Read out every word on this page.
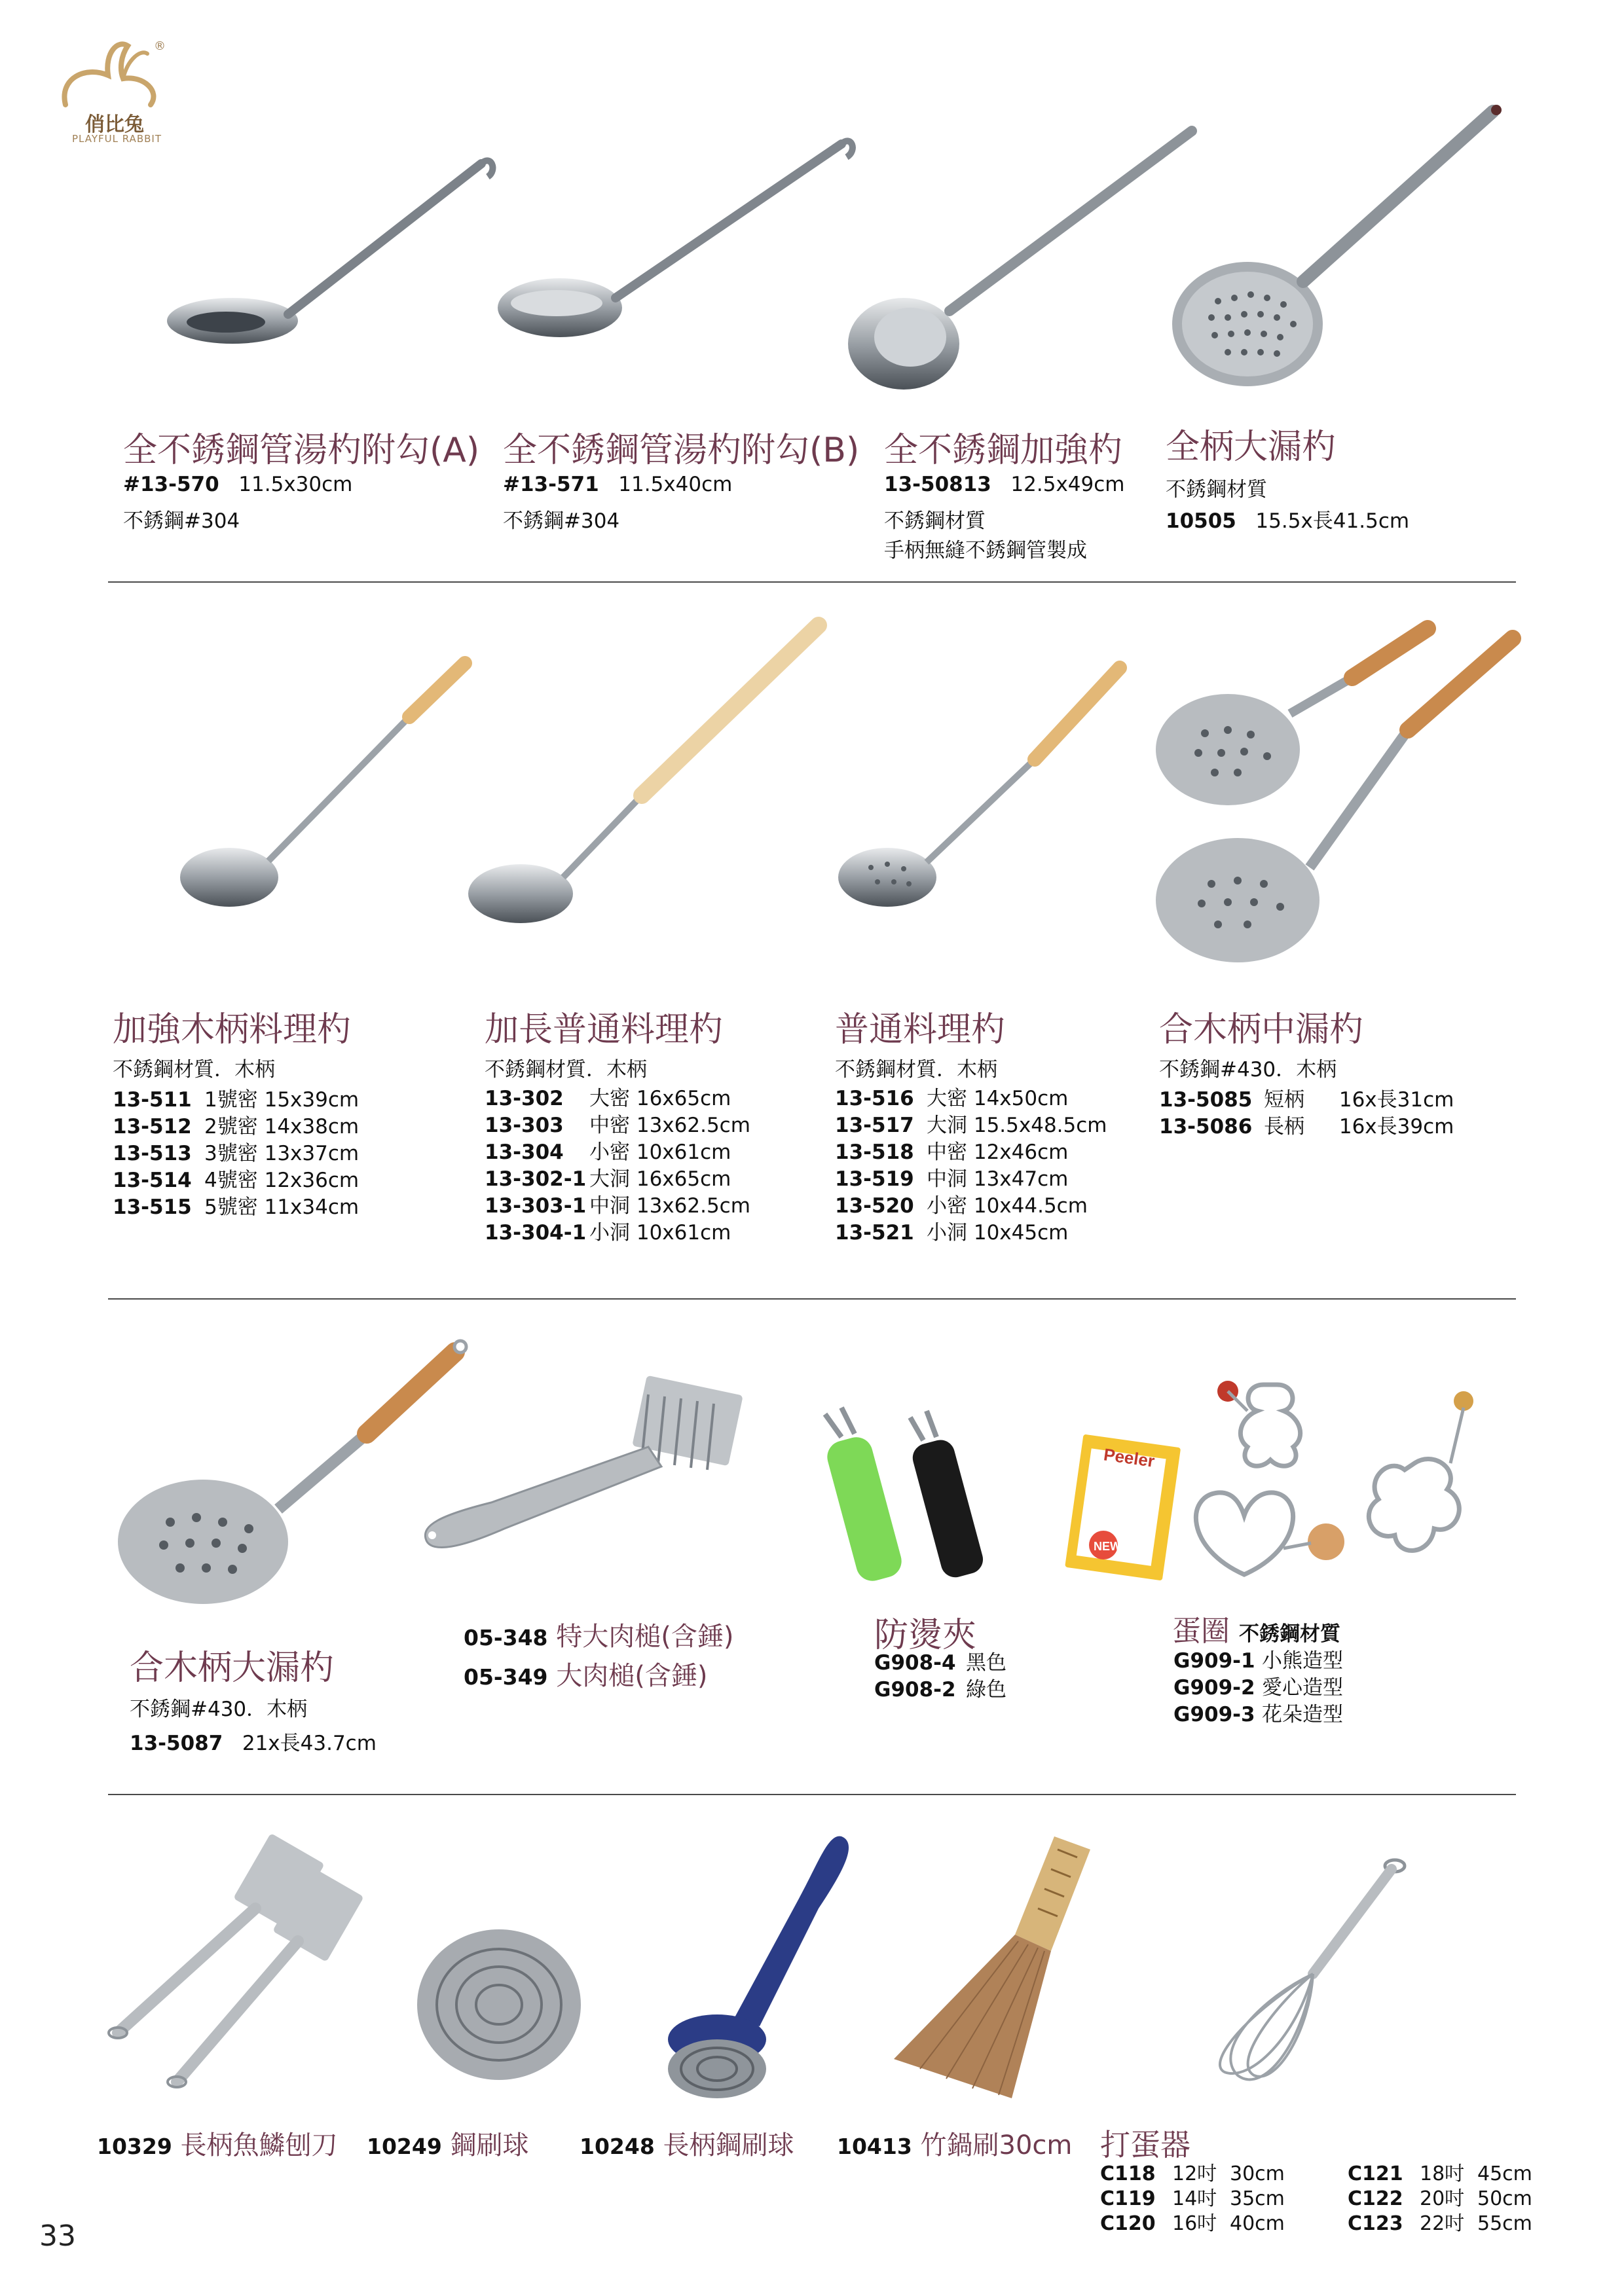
®
俏比兔
PLAYFUL RABBIT
全不銹鋼管湯杓附勾(A)
#13-570 11.5x30cm
不銹鋼#304
全不銹鋼管湯杓附勾(B)
#13-571 11.5x40cm
不銹鋼#304
全不銹鋼加強杓
13-50813 12.5x49cm
不銹鋼材質
手柄無縫不銹鋼管製成
全柄大漏杓
不銹鋼材質
10505 15.5x長41.5cm
加強木柄料理杓
不銹鋼材質．木柄
13-511 1號密 15x39cm
13-512 2號密 14x38cm
13-513 3號密 13x37cm
13-514 4號密 12x36cm
13-515 5號密 11x34cm
加長普通料理杓
不銹鋼材質．木柄
13-302 大密 16x65cm
13-303 中密 13x62.5cm
13-304 小密 10x61cm
13-302-1 大洞 16x65cm
13-303-1 中洞 13x62.5cm
13-304-1 小洞 10x61cm
普通料理杓
不銹鋼材質．木柄
13-516 大密 14x50cm
13-517 大洞 15.5x48.5cm
13-518 中密 12x46cm
13-519 中洞 13x47cm
13-520 小密 10x44.5cm
13-521 小洞 10x45cm
合木柄中漏杓
不銹鋼#430．木柄
13-5085 短柄 16x長31cm
13-5086 長柄 16x長39cm
Peeler
NEW
合木柄大漏杓
不銹鋼#430．木柄
13-5087 21x長43.7cm
05-348 特大肉槌(含錘)
05-349 大肉槌(含錘)
防燙夾
G908-4 黑色
G908-2 綠色
蛋圈 不銹鋼材質
G909-1 小熊造型
G909-2 愛心造型
G909-3 花朵造型
10329 長柄魚鱗刨刀 10249 鋼刷球 10248 長柄鋼刷球 10413 竹鍋刷30cm 打蛋器
C118 12吋 30cm	C121 18吋 45cm
C119 14吋 35cm	C122 20吋 50cm
C120 16吋 40cm	C123 22吋 55cm
33
